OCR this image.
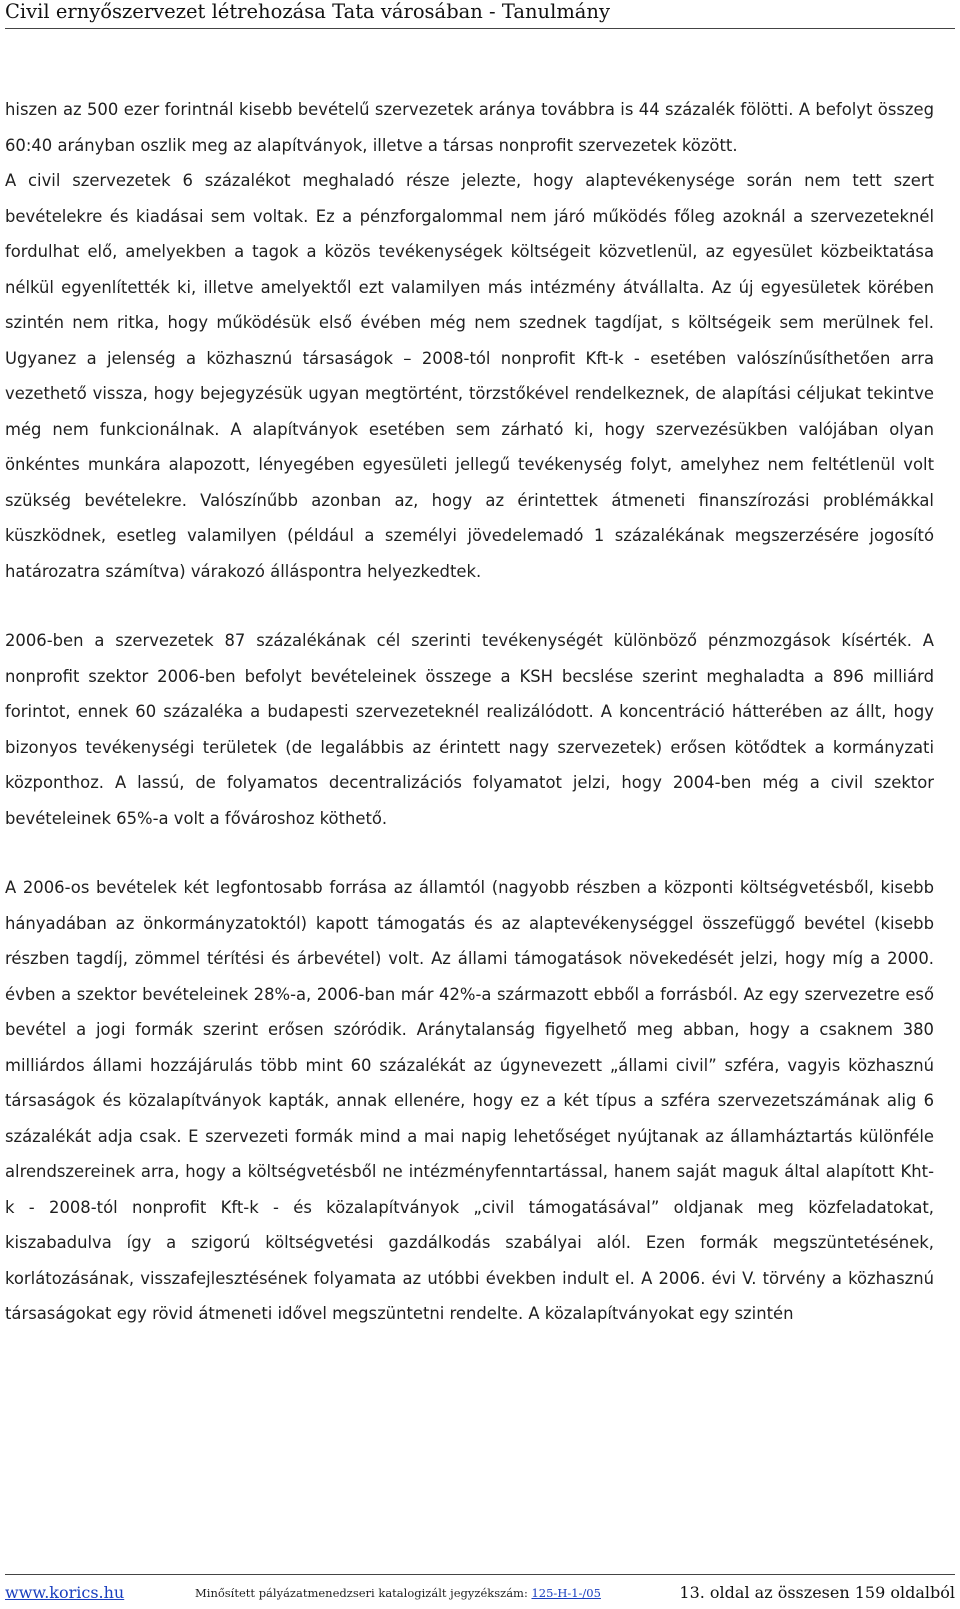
Civil ernyőszervezet létrehozása Tata városában - Tanulmány

hiszen az 500 ezer forintnál kisebb bevételű szervezetek aránya továbbra is 44 százalék fölötti. A befolyt összeg 60:40 arányban oszlik meg az alapítványok, illetve a társas nonprofit szervezetek között.

A civil szervezetek 6 százalékot meghaladó része jelezte, hogy alaptevékenysége során nem tett szert bevételekre és kiadásai sem voltak. Ez a pénzforgalommal nem járó működés főleg azoknál a szervezeteknél fordulhat elő, amelyekben a tagok a közös tevékenységek költségeit közvetlenül, az egyesület közbeiktatása nélkül egyenlítették ki, illetve amelyektől ezt valamilyen más intézmény átvállalta. Az új egyesületek körében szintén nem ritka, hogy működésük első évében még nem szednek tagdíjat, s költségeik sem merülnek fel. Ugyanez a jelenség a közhasznú társaságok – 2008-tól nonprofit Kft-k - esetében valószínűsíthetően arra vezethető vissza, hogy bejegyzésük ugyan megtörtént, törzstőkével rendelkeznek, de alapítási céljukat tekintve még nem funkcionálnak. A alapítványok esetében sem zárható ki, hogy szervezésükben valójában olyan önkéntes munkára alapozott, lényegében egyesületi jellegű tevékenység folyt, amelyhez nem feltétlenül volt szükség bevételekre. Valószínűbb azonban az, hogy az érintettek átmeneti finanszírozási problémákkal küszködnek, esetleg valamilyen (például a személyi jövedelemadó 1 százalékának megszerzésére jogosító határozatra számítva) várakozó álláspontra helyezkedtek.

2006-ben a szervezetek 87 százalékának cél szerinti tevékenységét különböző pénzmozgások kísérték. A nonprofit szektor 2006-ben befolyt bevételeinek összege a KSH becslése szerint meghaladta a 896 milliárd forintot, ennek 60 százaléka a budapesti szervezeteknél realizálódott. A koncentráció hátterében az állt, hogy bizonyos tevékenységi területek (de legalábbis az érintett nagy szervezetek) erősen kötődtek a kormányzati központhoz. A lassú, de folyamatos decentralizációs folyamatot jelzi, hogy 2004-ben még a civil szektor bevételeinek 65%-a volt a fővároshoz köthető.

A 2006-os bevételek két legfontosabb forrása az államtól (nagyobb részben a központi költségvetésből, kisebb hányadában az önkormányzatoktól) kapott támogatás és az alaptevékenységgel összefüggő bevétel (kisebb részben tagdíj, zömmel térítési és árbevétel) volt. Az állami támogatások növekedését jelzi, hogy míg a 2000. évben a szektor bevételeinek 28%-a, 2006-ban már 42%-a származott ebből a forrásból. Az egy szervezetre eső bevétel a jogi formák szerint erősen szóródik. Aránytalanság figyelhető meg abban, hogy a csaknem 380 milliárdos állami hozzájárulás több mint 60 százalékát az úgynevezett „állami civil” szféra, vagyis közhasznú társaságok és közalapítványok kapták, annak ellenére, hogy ez a két típus a szféra szervezetszámának alig 6 százalékát adja csak. E szervezeti formák mind a mai napig lehetőséget nyújtanak az államháztartás különféle alrendszereinek arra, hogy a költségvetésből ne intézményfenntartással, hanem saját maguk által alapított Kht-k - 2008-tól nonprofit Kft-k - és közalapítványok „civil támogatásával” oldjanak meg közfeladatokat, kiszabadulva így a szigorú költségvetési gazdálkodás szabályai alól. Ezen formák megszüntetésének, korlátozásának, visszafejlesztésének folyamata az utóbbi években indult el. A 2006. évi V. törvény a közhasznú társaságokat egy rövid átmeneti idővel megszüntetni rendelte. A közalapítványokat egy szintén

www.korics.hu	Minősített pályázatmenedzseri katalogizált jegyzékszám: 125-H-1-/05	13. oldal az összesen 159 oldalból
